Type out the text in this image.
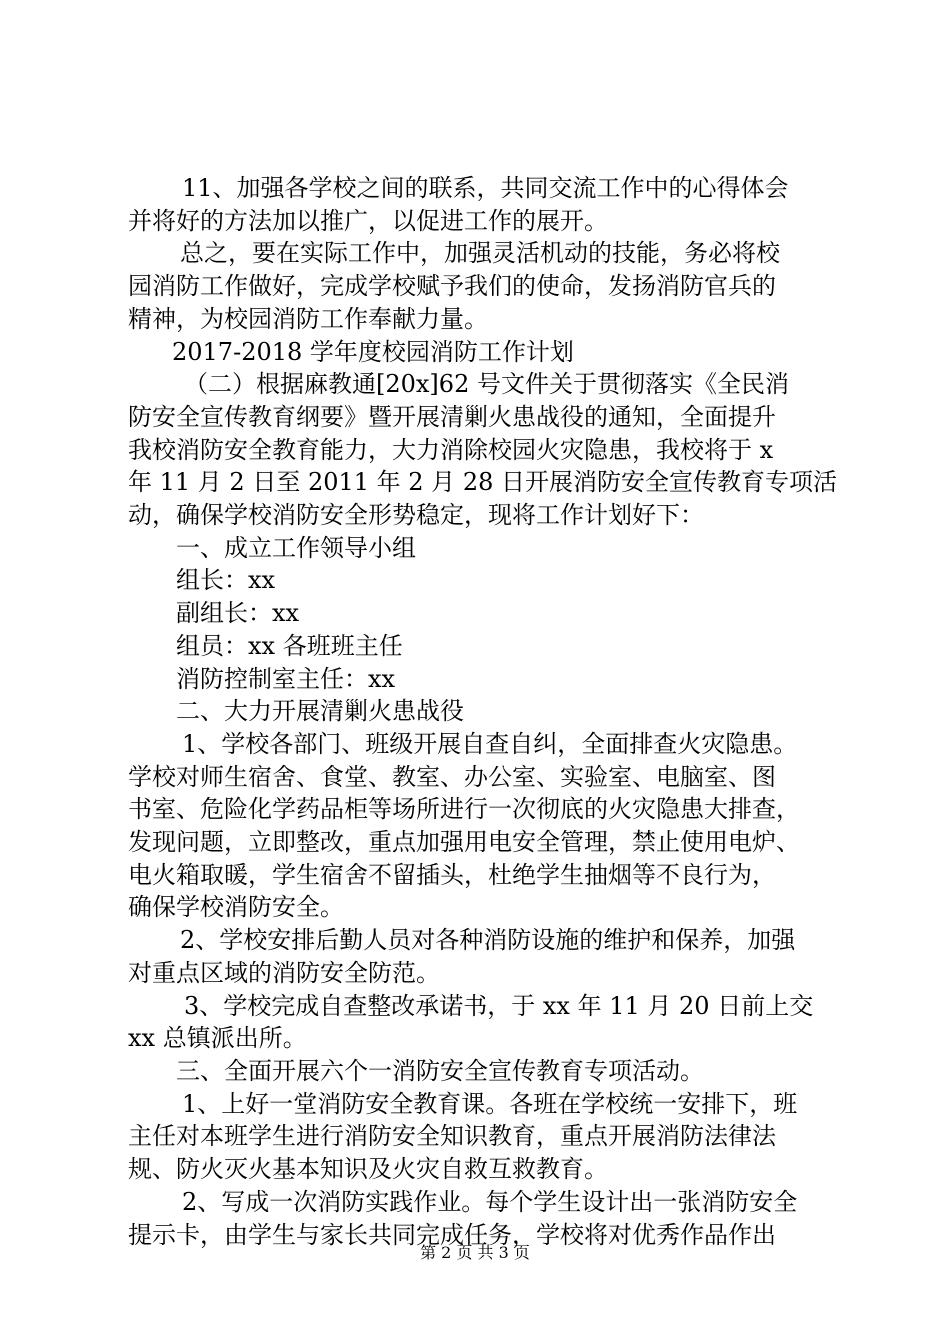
11、加强各学校之间的联系，共同交流工作中的心得体会

并将好的方法加以推广，以促进工作的展开。

总之，要在实际工作中，加强灵活机动的技能，务必将校

园消防工作做好，完成学校赋予我们的使命，发扬消防官兵的

精神，为校园消防工作奉献力量。

2017-2018 学年度校园消防工作计划

（二）根据麻教通[20x]62 号文件关于贯彻落实《全民消

防安全宣传教育纲要》暨开展清剿火患战役的通知，全面提升

我校消防安全教育能力，大力消除校园火灾隐患，我校将于 x

年 11 月 2 日至 2011 年 2 月 28 日开展消防安全宣传教育专项活

动，确保学校消防安全形势稳定，现将工作计划好下：

一、成立工作领导小组

组长：xx

副组长：xx

组员：xx 各班班主任

消防控制室主任：xx

二、大力开展清剿火患战役

1、学校各部门、班级开展自查自纠，全面排查火灾隐患。

学校对师生宿舍、食堂、教室、办公室、实验室、电脑室、图

书室、危险化学药品柜等场所进行一次彻底的火灾隐患大排查，

发现问题，立即整改，重点加强用电安全管理，禁止使用电炉、

电火箱取暖，学生宿舍不留插头，杜绝学生抽烟等不良行为，

确保学校消防安全。

2、学校安排后勤人员对各种消防设施的维护和保养，加强

对重点区域的消防安全防范。

3、学校完成自查整改承诺书，于 xx 年 11 月 20 日前上交

xx 总镇派出所。

三、全面开展六个一消防安全宣传教育专项活动。

1、上好一堂消防安全教育课。各班在学校统一安排下，班

主任对本班学生进行消防安全知识教育，重点开展消防法律法

规、防火灭火基本知识及火灾自救互救教育。

2、写成一次消防实践作业。每个学生设计出一张消防安全

提示卡，由学生与家长共同完成任务，学校将对优秀作品作出

第 2 页 共 3 页
